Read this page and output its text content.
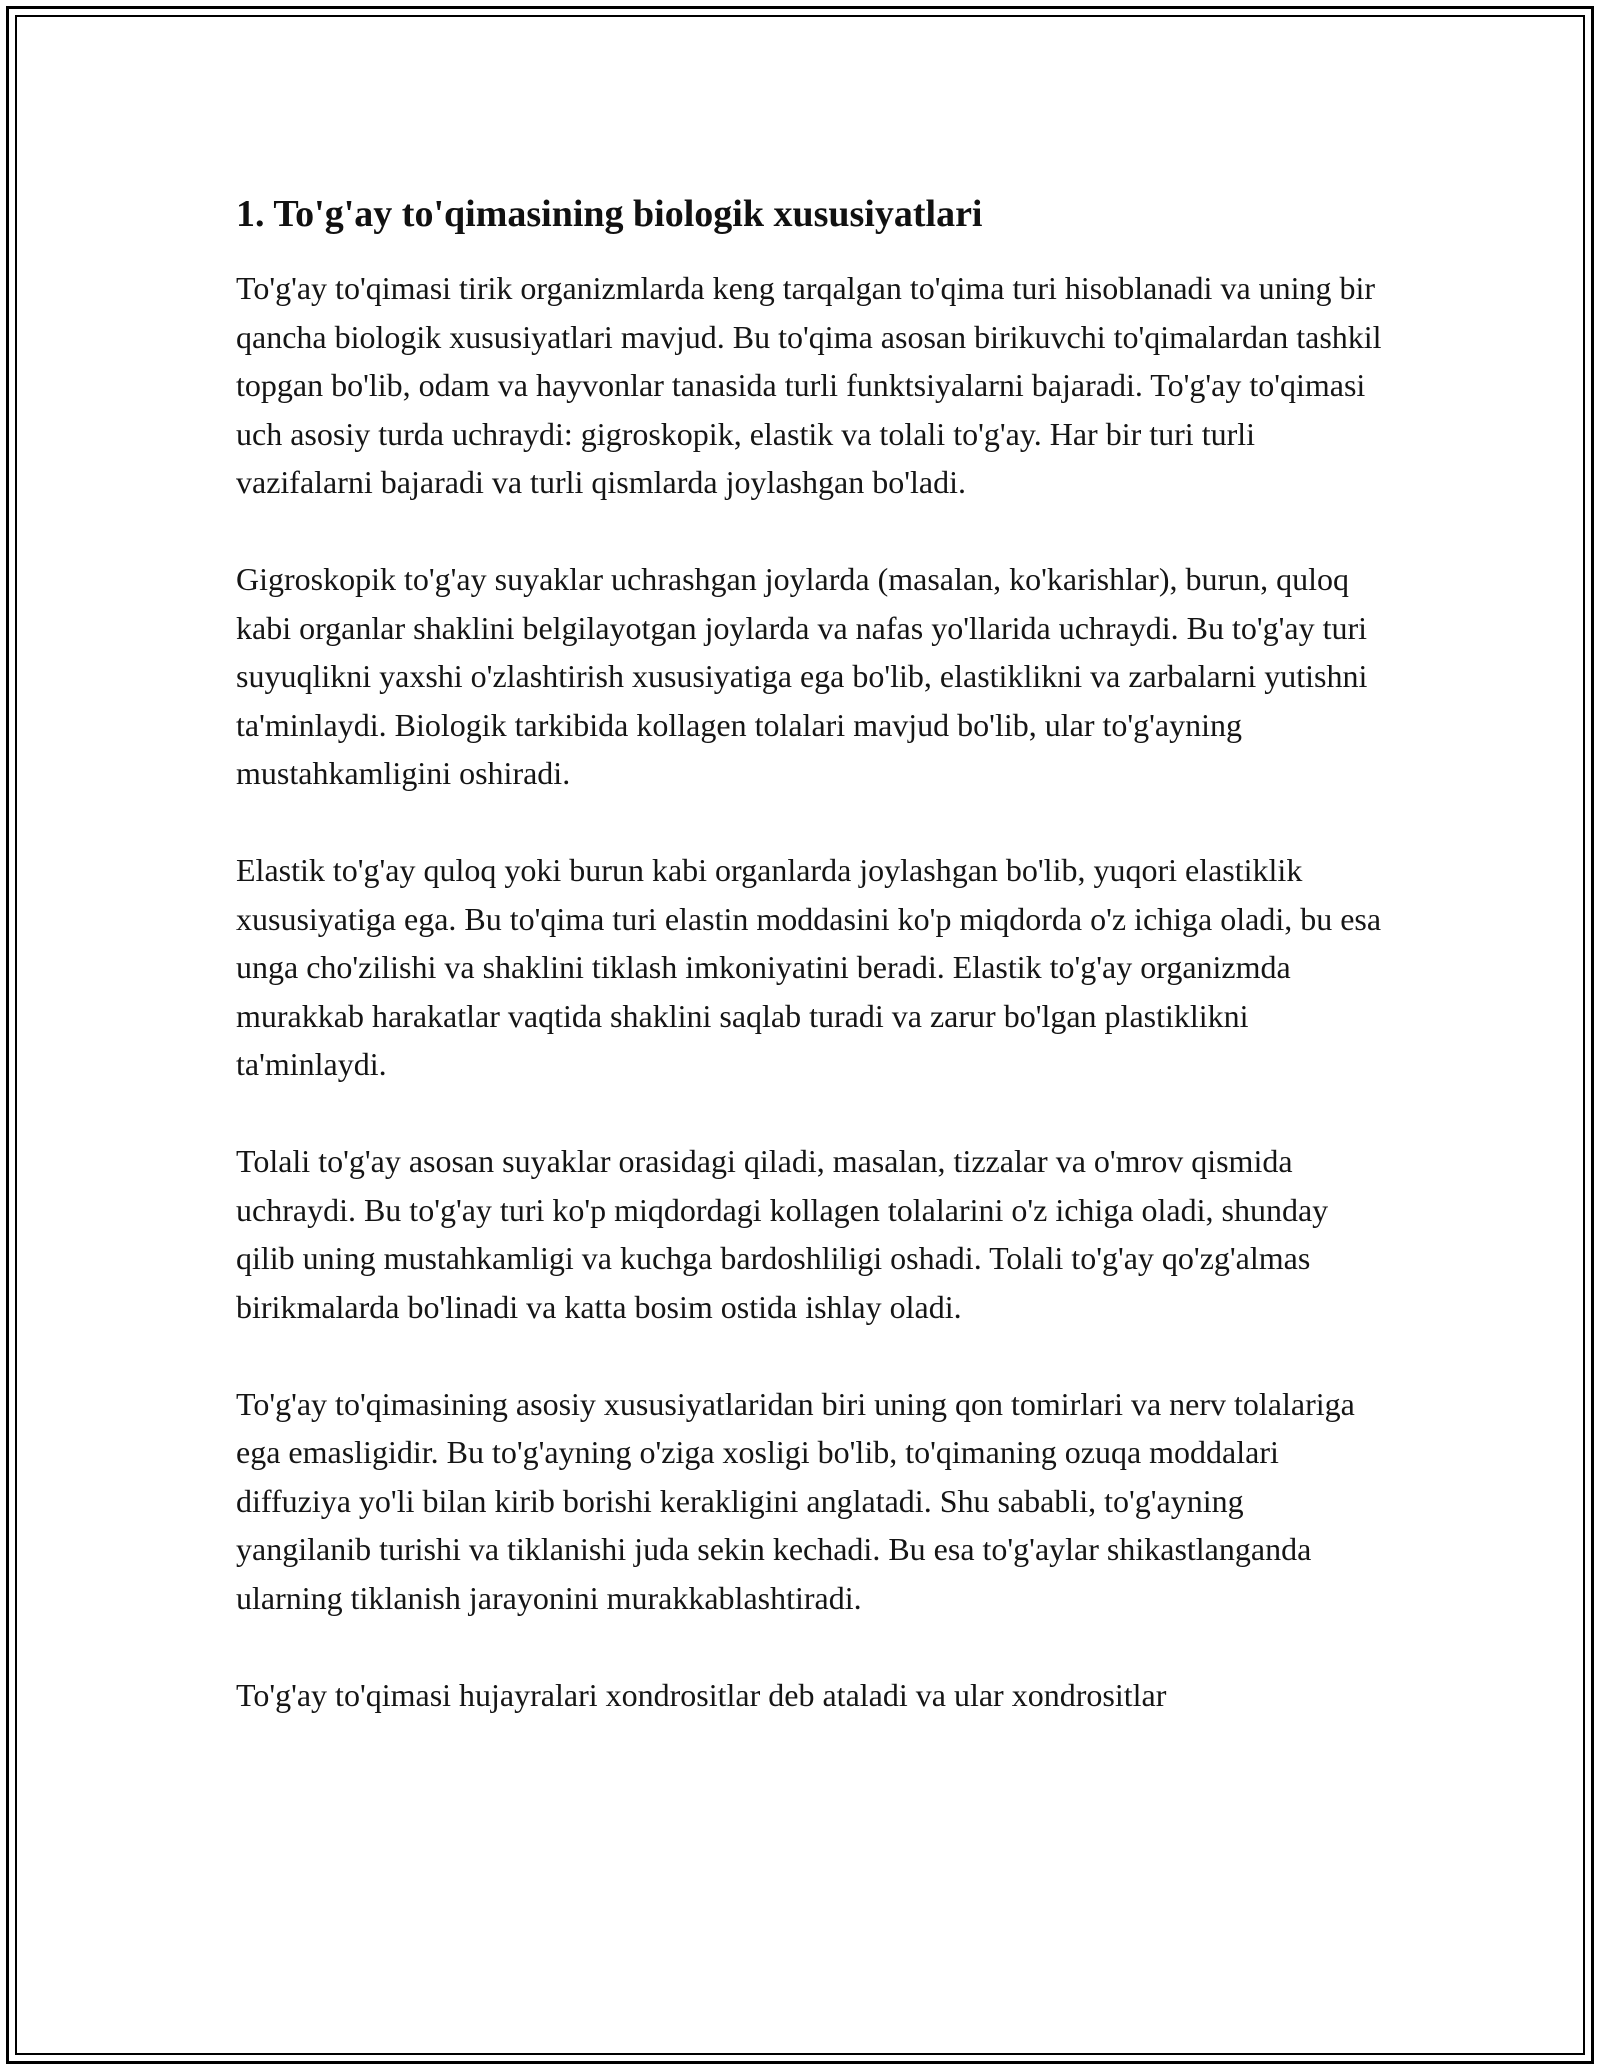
1. To'g'ay to'qimasining biologik xususiyatlari

To'g'ay to'qimasi tirik organizmlarda keng tarqalgan to'qima turi hisoblanadi va uning bir qancha biologik xususiyatlari mavjud. Bu to'qima asosan birikuvchi to'qimalardan tashkil topgan bo'lib, odam va hayvonlar tanasida turli funktsiyalarni bajaradi. To'g'ay to'qimasi uch asosiy turda uchraydi: gigroskopik, elastik va tolali to'g'ay. Har bir turi turli vazifalarni bajaradi va turli qismlarda joylashgan bo'ladi.

Gigroskopik to'g'ay suyaklar uchrashgan joylarda (masalan, ko'karishlar), burun, quloq kabi organlar shaklini belgilayotgan joylarda va nafas yo'llarida uchraydi. Bu to'g'ay turi suyuqlikni yaxshi o'zlashtirish xususiyatiga ega bo'lib, elastiklikni va zarbalarni yutishni ta'minlaydi. Biologik tarkibida kollagen tolalari mavjud bo'lib, ular to'g'ayning mustahkamligini oshiradi.

Elastik to'g'ay quloq yoki burun kabi organlarda joylashgan bo'lib, yuqori elastiklik xususiyatiga ega. Bu to'qima turi elastin moddasini ko'p miqdorda o'z ichiga oladi, bu esa unga cho'zilishi va shaklini tiklash imkoniyatini beradi. Elastik to'g'ay organizmda murakkab harakatlar vaqtida shaklini saqlab turadi va zarur bo'lgan plastiklikni ta'minlaydi.

Tolali to'g'ay asosan suyaklar orasidagi qiladi, masalan, tizzalar va o'mrov qismida uchraydi. Bu to'g'ay turi ko'p miqdordagi kollagen tolalarini o'z ichiga oladi, shunday qilib uning mustahkamligi va kuchga bardoshliligi oshadi. Tolali to'g'ay qo'zg'almas birikmalarda bo'linadi va katta bosim ostida ishlay oladi.

To'g'ay to'qimasining asosiy xususiyatlaridan biri uning qon tomirlari va nerv tolalariga ega emasligidir. Bu to'g'ayning o'ziga xosligi bo'lib, to'qimaning ozuqa moddalari diffuziya yo'li bilan kirib borishi kerakligini anglatadi. Shu sababli, to'g'ayning yangilanib turishi va tiklanishi juda sekin kechadi. Bu esa to'g'aylar shikastlanganda ularning tiklanish jarayonini murakkablashtiradi.

To'g'ay to'qimasi hujayralari xondrositlar deb ataladi va ular xondrositlar
